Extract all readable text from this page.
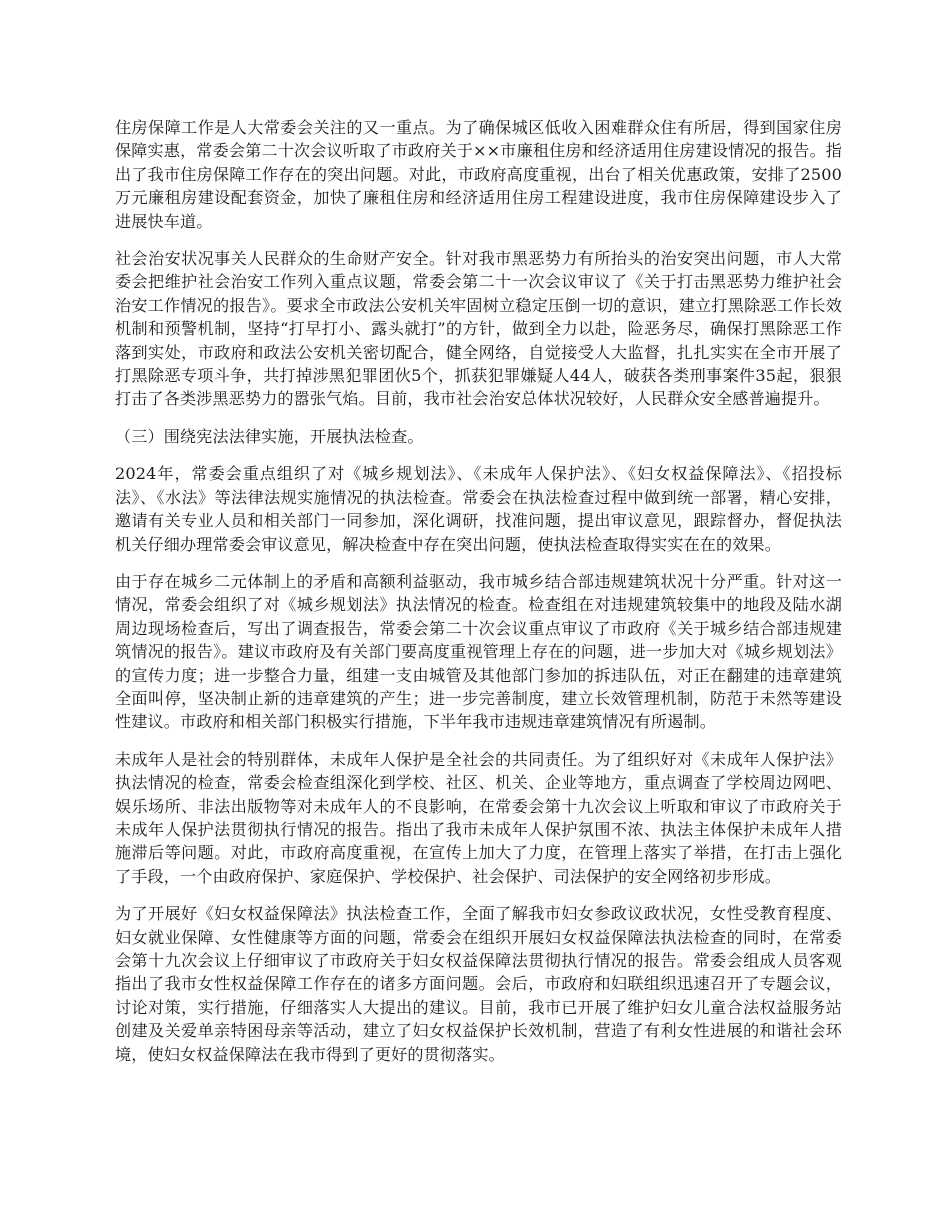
住房保障工作是人大常委会关注的又一重点。为了确保城区低收入困难群众住有所居，得到国家住房保障实惠，常委会第二十次会议听取了市政府关于××市廉租住房和经济适用住房建设情况的报告。指出了我市住房保障工作存在的突出问题。对此，市政府高度重视，出台了相关优惠政策，安排了2500万元廉租房建设配套资金，加快了廉租住房和经济适用住房工程建设进度，我市住房保障建设步入了进展快车道。

社会治安状况事关人民群众的生命财产安全。针对我市黑恶势力有所抬头的治安突出问题，市人大常委会把维护社会治安工作列入重点议题，常委会第二十一次会议审议了《关于打击黑恶势力维护社会治安工作情况的报告》。要求全市政法公安机关牢固树立稳定压倒一切的意识，建立打黑除恶工作长效机制和预警机制，坚持“打早打小、露头就打”的方针，做到全力以赴，险恶务尽，确保打黑除恶工作落到实处，市政府和政法公安机关密切配合，健全网络，自觉接受人大监督，扎扎实实在全市开展了打黑除恶专项斗争，共打掉涉黑犯罪团伙5个，抓获犯罪嫌疑人44人，破获各类刑事案件35起，狠狠打击了各类涉黑恶势力的嚣张气焰。目前，我市社会治安总体状况较好，人民群众安全感普遍提升。

（三）围绕宪法法律实施，开展执法检查。

2024年，常委会重点组织了对《城乡规划法》、《未成年人保护法》、《妇女权益保障法》、《招投标法》、《水法》等法律法规实施情况的执法检查。常委会在执法检查过程中做到统一部署，精心安排，邀请有关专业人员和相关部门一同参加，深化调研，找准问题，提出审议意见，跟踪督办，督促执法机关仔细办理常委会审议意见，解决检查中存在突出问题，使执法检查取得实实在在的效果。

由于存在城乡二元体制上的矛盾和高额利益驱动，我市城乡结合部违规建筑状况十分严重。针对这一情况，常委会组织了对《城乡规划法》执法情况的检查。检查组在对违规建筑较集中的地段及陆水湖周边现场检查后，写出了调查报告，常委会第二十次会议重点审议了市政府《关于城乡结合部违规建筑情况的报告》。建议市政府及有关部门要高度重视管理上存在的问题，进一步加大对《城乡规划法》的宣传力度；进一步整合力量，组建一支由城管及其他部门参加的拆违队伍，对正在翻建的违章建筑全面叫停，坚决制止新的违章建筑的产生；进一步完善制度，建立长效管理机制，防范于未然等建设性建议。市政府和相关部门积极实行措施，下半年我市违规违章建筑情况有所遏制。

未成年人是社会的特别群体，未成年人保护是全社会的共同责任。为了组织好对《未成年人保护法》执法情况的检查，常委会检查组深化到学校、社区、机关、企业等地方，重点调查了学校周边网吧、娱乐场所、非法出版物等对未成年人的不良影响，在常委会第十九次会议上听取和审议了市政府关于未成年人保护法贯彻执行情况的报告。指出了我市未成年人保护氛围不浓、执法主体保护未成年人措施滞后等问题。对此，市政府高度重视，在宣传上加大了力度，在管理上落实了举措，在打击上强化了手段，一个由政府保护、家庭保护、学校保护、社会保护、司法保护的安全网络初步形成。

为了开展好《妇女权益保障法》执法检查工作，全面了解我市妇女参政议政状况，女性受教育程度、妇女就业保障、女性健康等方面的问题，常委会在组织开展妇女权益保障法执法检查的同时，在常委会第十九次会议上仔细审议了市政府关于妇女权益保障法贯彻执行情况的报告。常委会组成人员客观指出了我市女性权益保障工作存在的诸多方面问题。会后，市政府和妇联组织迅速召开了专题会议，讨论对策，实行措施，仔细落实人大提出的建议。目前，我市已开展了维护妇女儿童合法权益服务站创建及关爱单亲特困母亲等活动，建立了妇女权益保护长效机制，营造了有利女性进展的和谐社会环境，使妇女权益保障法在我市得到了更好的贯彻落实。
